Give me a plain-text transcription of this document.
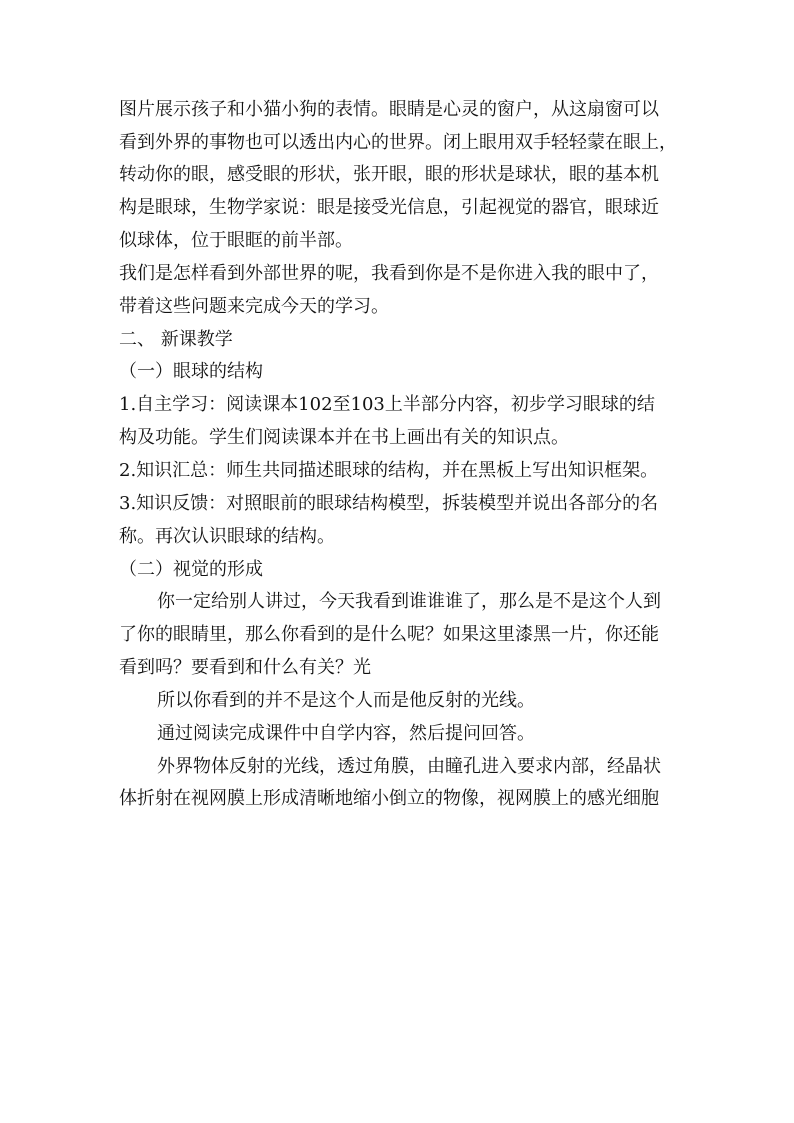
图片展示孩子和小猫小狗的表情。眼睛是心灵的窗户，从这扇窗可以
看到外界的事物也可以透出内心的世界。闭上眼用双手轻轻蒙在眼上，
转动你的眼，感受眼的形状，张开眼，眼的形状是球状，眼的基本机
构是眼球，生物学家说：眼是接受光信息，引起视觉的器官，眼球近
似球体，位于眼眶的前半部。
我们是怎样看到外部世界的呢，我看到你是不是你进入我的眼中了，
带着这些问题来完成今天的学习。
二、 新课教学
（一）眼球的结构
1.自主学习：阅读课本102至103上半部分内容，初步学习眼球的结
构及功能。学生们阅读课本并在书上画出有关的知识点。
2.知识汇总：师生共同描述眼球的结构，并在黑板上写出知识框架。
3.知识反馈：对照眼前的眼球结构模型，拆装模型并说出各部分的名
称。再次认识眼球的结构。
（二）视觉的形成
你一定给别人讲过，今天我看到谁谁谁了，那么是不是这个人到
了你的眼睛里，那么你看到的是什么呢？如果这里漆黑一片，你还能
看到吗？要看到和什么有关？光
所以你看到的并不是这个人而是他反射的光线。
通过阅读完成课件中自学内容，然后提问回答。
外界物体反射的光线，透过角膜，由瞳孔进入要求内部，经晶状
体折射在视网膜上形成清晰地缩小倒立的物像，视网膜上的感光细胞
